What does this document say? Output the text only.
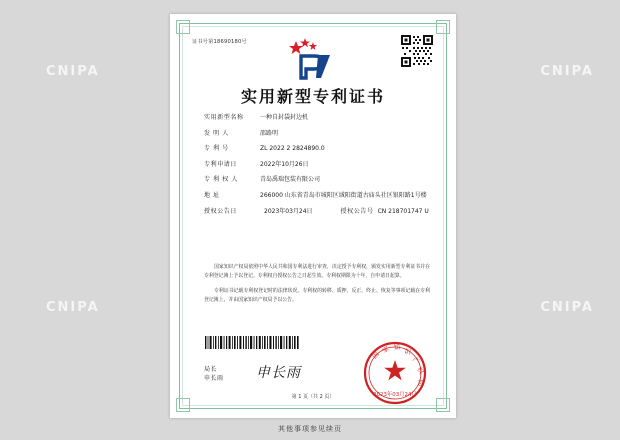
CNIPA
CNIPA
CNIPA
CNIPA
证书号第18690180号
实用新型专利证书
实用新型名称	一种自封袋封边机
发 明 人	邵路明
专 利 号	ZL 2022 2 2824890.0
专利申请日	2022年10月26日
专 利 权 人	青岛禹瑞包装有限公司
地 址	266000 山东省青岛市城阳区域阳街道古庙头社区银阳路1号楼
授权公告日	2023年03月24日	授权公告号 CN 218701747 U

国家知识产权局依照中华人民共和国专利法进行审查，决定授予专利权，颁发实用新型专利证书并在专利登记簿上予以登记。专利权自授权公告之日起生效。专利权期限为十年，自申请日起算。

专利证书记载专利权登记时的法律状况。专利权的转移、质押、反正、终止、恢复等事项记载在专利登记簿上，并由国家知识产权局予以公告。

局长
申长雨 申长雨
国
家 知 识
产
权
局
2023年03月24日
第 1 页（共 2 页）
其他事项参见续页
